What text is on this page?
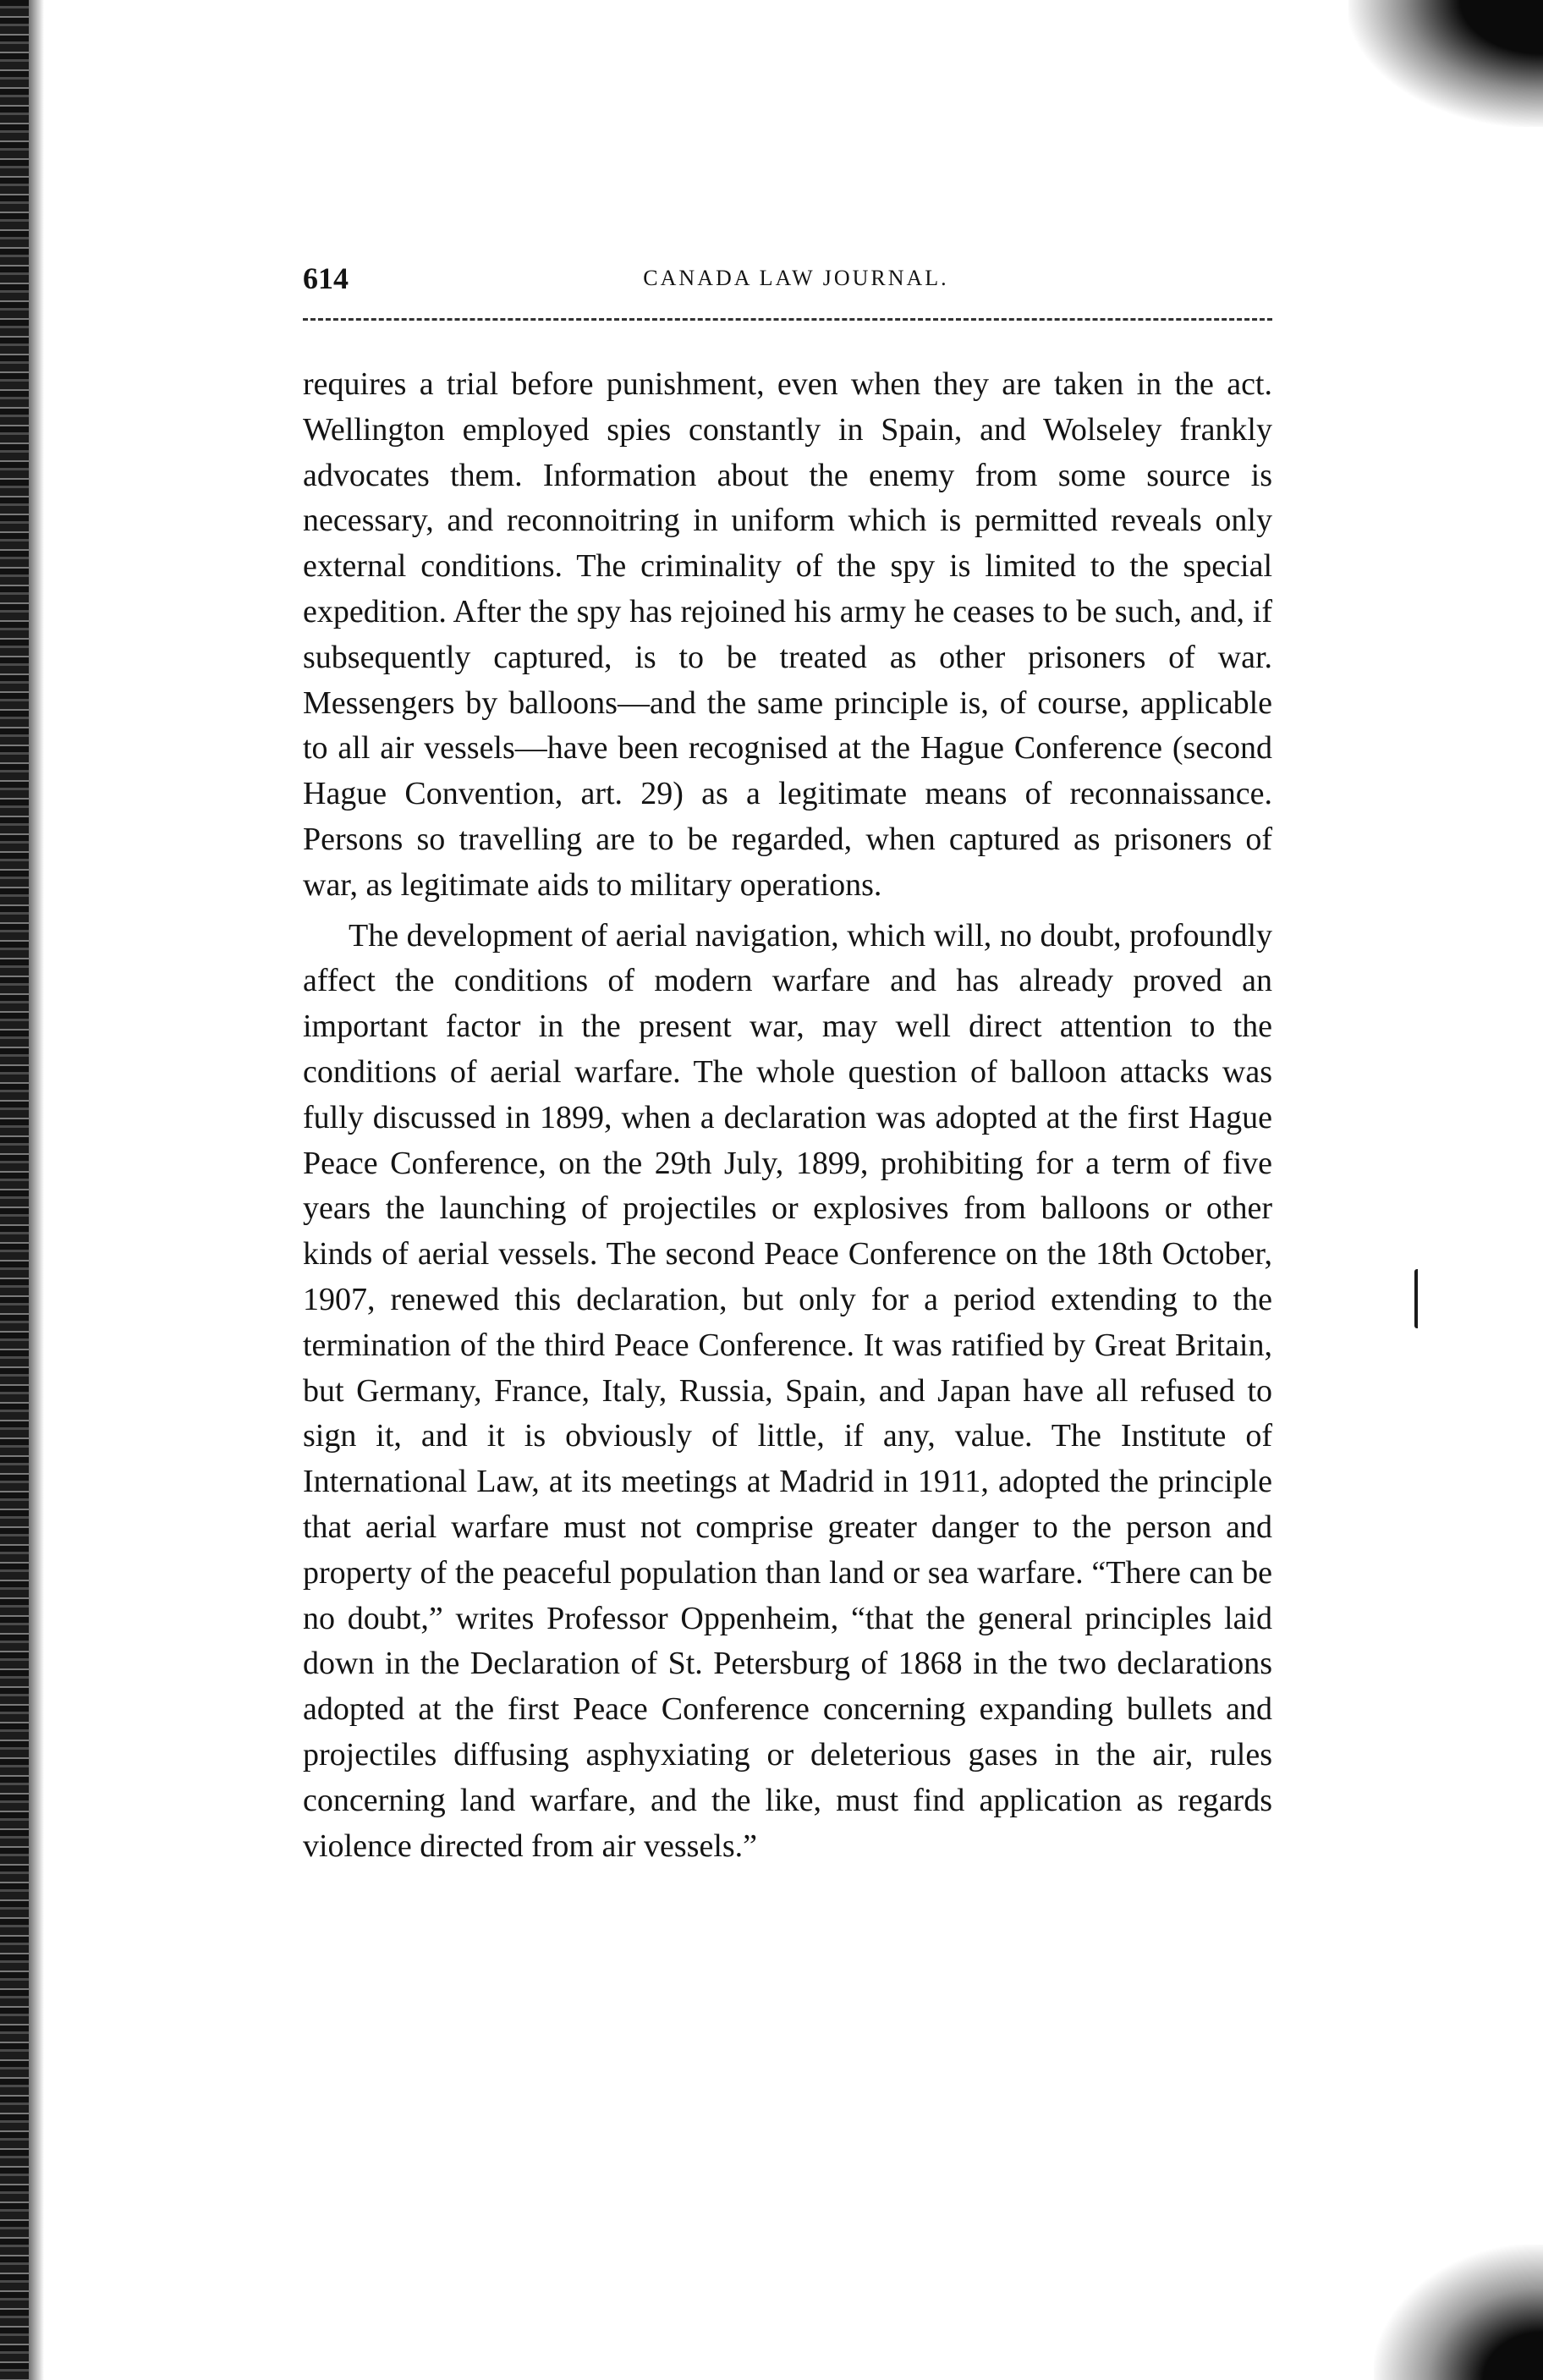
614	CANADA LAW JOURNAL.

requires a trial before punishment, even when they are taken in the act. Wellington employed spies constantly in Spain, and Wolseley frankly advocates them. Information about the enemy from some source is necessary, and reconnoitring in uniform which is permitted reveals only external conditions. The criminality of the spy is limited to the special expedition. After the spy has rejoined his army he ceases to be such, and, if subsequently captured, is to be treated as other prisoners of war. Messengers by balloons—and the same principle is, of course, applicable to all air vessels—have been recognised at the Hague Conference (second Hague Convention, art. 29) as a legitimate means of reconnaissance. Persons so travelling are to be regarded, when captured as prisoners of war, as legitimate aids to military operations.

The development of aerial navigation, which will, no doubt, profoundly affect the conditions of modern warfare and has already proved an important factor in the present war, may well direct attention to the conditions of aerial warfare. The whole question of balloon attacks was fully discussed in 1899, when a declaration was adopted at the first Hague Peace Conference, on the 29th July, 1899, prohibiting for a term of five years the launching of projectiles or explosives from balloons or other kinds of aerial vessels. The second Peace Conference on the 18th October, 1907, renewed this declaration, but only for a period extending to the termination of the third Peace Conference. It was ratified by Great Britain, but Germany, France, Italy, Russia, Spain, and Japan have all refused to sign it, and it is obviously of little, if any, value. The Institute of International Law, at its meetings at Madrid in 1911, adopted the principle that aerial warfare must not comprise greater danger to the person and property of the peaceful population than land or sea warfare. “There can be no doubt,” writes Professor Oppenheim, “that the general principles laid down in the Declaration of St. Petersburg of 1868 in the two declarations adopted at the first Peace Conference concerning expanding bullets and projectiles diffusing asphyxiating or deleterious gases in the air, rules concerning land warfare, and the like, must find application as regards violence directed from air vessels.”
